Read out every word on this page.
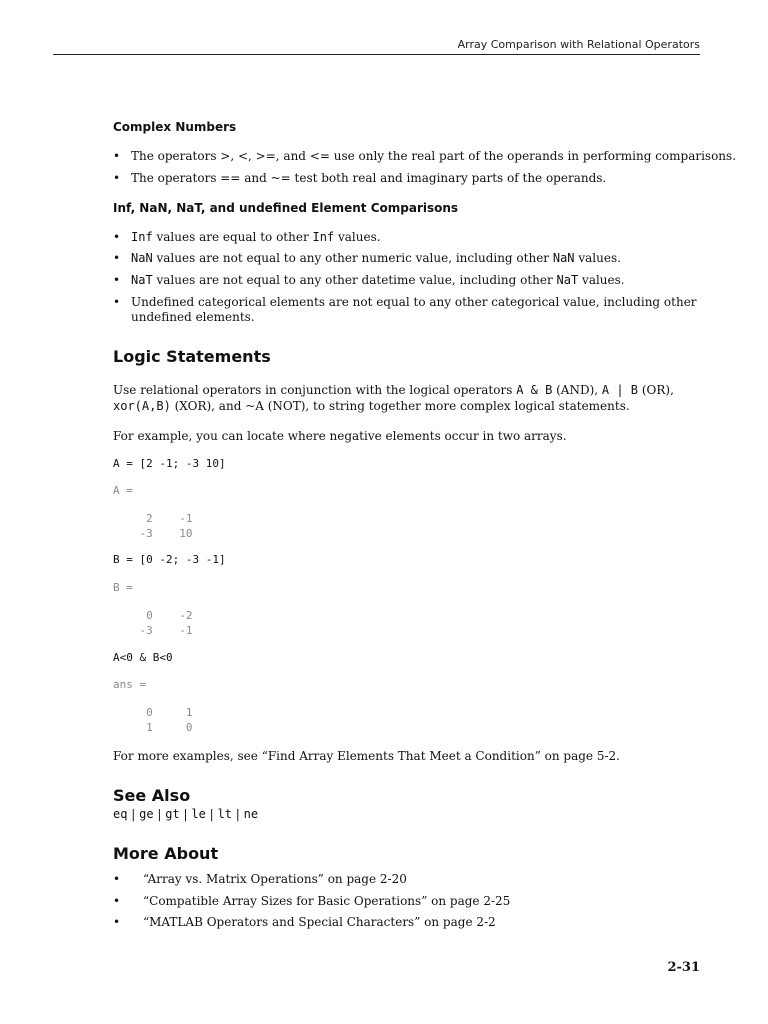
Array Comparison with Relational Operators
Complex Numbers
• The operators >, <, >=, and <= use only the real part of the operands in performing comparisons.
• The operators == and ~= test both real and imaginary parts of the operands.
Inf, NaN, NaT, and undefined Element Comparisons
• Inf values are equal to other Inf values.
• NaN values are not equal to any other numeric value, including other NaN values.
• NaT values are not equal to any other datetime value, including other NaT values.
• Undefined categorical elements are not equal to any other categorical value, including other
undefined elements.
Logic Statements
Use relational operators in conjunction with the logical operators A & B (AND), A | B (OR),
xor(A,B) (XOR), and ~A (NOT), to string together more complex logical statements.
For example, you can locate where negative elements occur in two arrays.
A = [2 -1; -3 10]
A =
2    -1
-3    10
B = [0 -2; -3 -1]
B =
0    -2
-3    -1
A<0 & B<0
ans =
0     1
1     0
For more examples, see “Find Array Elements That Meet a Condition” on page 5-2.
See Also
eq | ge | gt | le | lt | ne
More About
• “Array vs. Matrix Operations” on page 2-20
• “Compatible Array Sizes for Basic Operations” on page 2-25
• “MATLAB Operators and Special Characters” on page 2-2
2-31
